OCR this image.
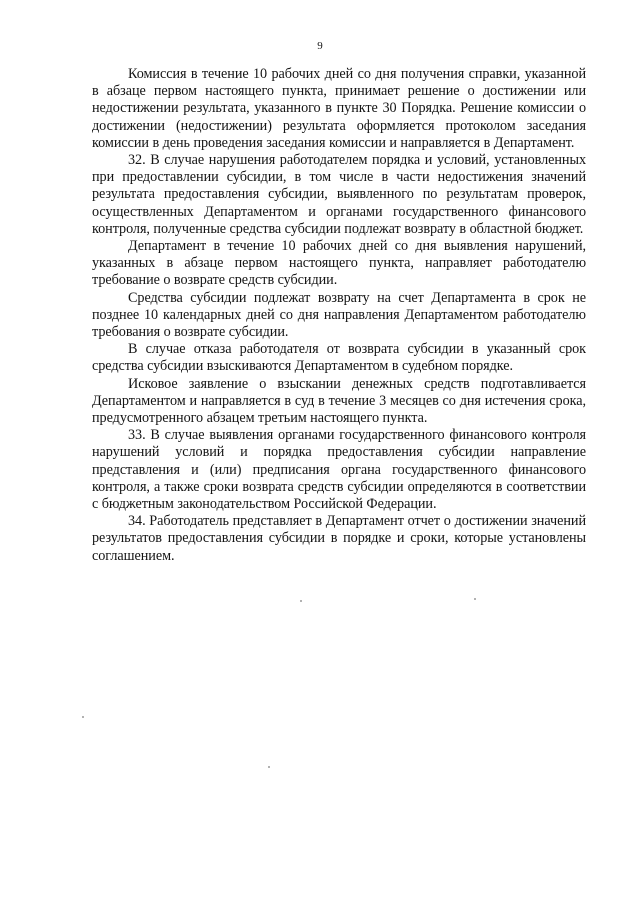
9

Комиссия в течение 10 рабочих дней со дня получения справки, указанной в абзаце первом настоящего пункта, принимает решение о достижении или недостижении результата, указанного в пункте 30 Порядка. Решение комиссии о достижении (недостижении) результата оформляется протоколом заседания комиссии в день проведения заседания комиссии и направляется в Департамент.

32. В случае нарушения работодателем порядка и условий, установленных при предоставлении субсидии, в том числе в части недостижения значений результата предоставления субсидии, выявленного по результатам проверок, осуществленных Департаментом и органами государственного финансового контроля, полученные средства субсидии подлежат возврату в областной бюджет.

Департамент в течение 10 рабочих дней со дня выявления нарушений, указанных в абзаце первом настоящего пункта, направляет работодателю требование о возврате средств субсидии.

Средства субсидии подлежат возврату на счет Департамента в срок не позднее 10 календарных дней со дня направления Департаментом работодателю требования о возврате субсидии.

В случае отказа работодателя от возврата субсидии в указанный срок средства субсидии взыскиваются Департаментом в судебном порядке.

Исковое заявление о взыскании денежных средств подготавливается Департаментом и направляется в суд в течение 3 месяцев со дня истечения срока, предусмотренного абзацем третьим настоящего пункта.

33. В случае выявления органами государственного финансового контроля нарушений условий и порядка предоставления субсидии направление представления и (или) предписания органа государственного финансового контроля, а также сроки возврата средств субсидии определяются в соответствии с бюджетным законодательством Российской Федерации.

34. Работодатель представляет в Департамент отчет о достижении значений результатов предоставления субсидии в порядке и сроки, которые установлены соглашением.
